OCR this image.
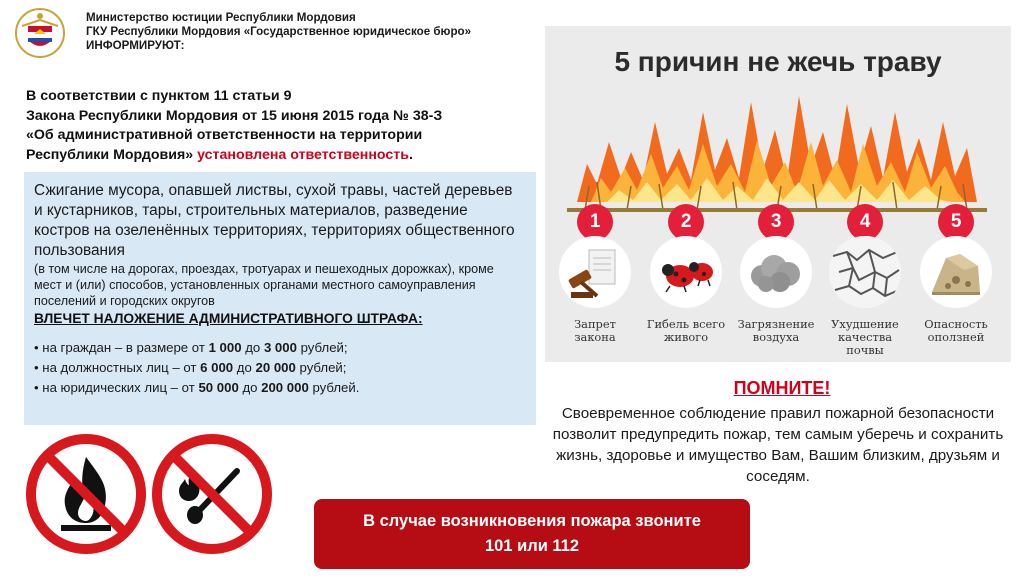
Министерство юстиции Республики Мордовия
ГКУ Республики Мордовия «Государственное юридическое бюро»
ИНФОРМИРУЮТ:
В соответствии с пунктом 11 статьи 9
Закона Республики Мордовия от 15 июня 2015 года № 38-З
«Об административной ответственности на территории
Республики Мордовия» установлена ответственность.
Сжигание мусора, опавшей листвы, сухой травы, частей деревьев и кустарников, тары, строительных материалов, разведение костров на озеленённых территориях, территориях общественного пользования
(в том числе на дорогах, проездах, тротуарах и пешеходных дорожках), кроме мест и (или) способов, установленных органами местного самоуправления поселений и городских округов
ВЛЕЧЕТ НАЛОЖЕНИЕ АДМИНИСТРАТИВНОГО ШТРАФА:
• на граждан – в размере от 1 000 до 3 000 рублей;
• на должностных лиц – от 6 000 до 20 000 рублей;
• на юридических лиц – от 50 000 до 200 000 рублей.
5 причин не жечь траву
1
Запрет закона
2
Гибель всего живого
3
Загрязнение воздуха
4
Ухудшение качества почвы
5
Опасность оползней
ПОМНИТЕ!
Своевременное соблюдение правил пожарной безопасности позволит предупредить пожар, тем самым уберечь и сохранить жизнь, здоровье и имущество Вам, Вашим близким, друзьям и соседям.
В случае возникновения пожара звоните
101 или 112
